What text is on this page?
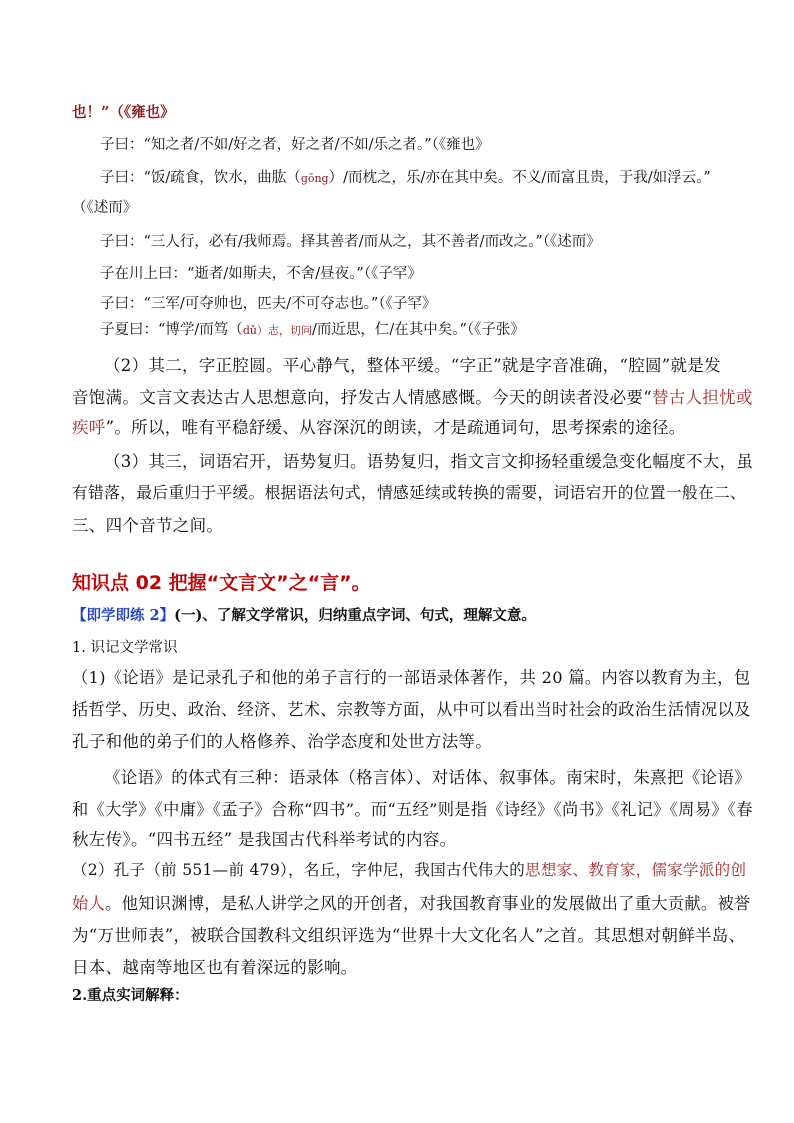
也！”（《雍也》
子曰：“知之者/不如/好之者，好之者/不如/乐之者。”（《雍也》
子曰：“饭/疏食，饮水，曲肱（gōng）/而枕之，乐/亦在其中矣。不义/而富且贵，于我/如浮云。”
（《述而》
子曰：“三人行，必有/我师焉。择其善者/而从之，其不善者/而改之。”（《述而》
子在川上曰：“逝者/如斯夫，不舍/昼夜。”（《子罕》
子曰：“三军/可夺帅也，匹夫/不可夺志也。”（《子罕》
子夏曰：“博学/而笃（dǔ）志，切问/而近思，仁/在其中矣。”（《子张》
（2）其二，字正腔圆。平心静气，整体平缓。“字正”就是字音准确，“腔圆”就是发
音饱满。文言文表达古人思想意向，抒发古人情感感慨。今天的朗读者没必要“替古人担忧或
疾呼”。所以，唯有平稳舒缓、从容深沉的朗读，才是疏通词句，思考探索的途径。
（3）其三，词语宕开，语势复归。语势复归，指文言文抑扬轻重缓急变化幅度不大，虽
有错落，最后重归于平缓。根据语法句式，情感延续或转换的需要，词语宕开的位置一般在二、
三、四个音节之间。
知识点 02 把握“文言文”之“言”。
【即学即练 2】(一)、了解文学常识，归纳重点字词、句式，理解文意。
1. 识记文学常识
（1)《论语》是记录孔子和他的弟子言行的一部语录体著作，共 20 篇。内容以教育为主，包
括哲学、历史、政治、经济、艺术、宗教等方面，从中可以看出当时社会的政治生活情况以及
孔子和他的弟子们的人格修养、治学态度和处世方法等。
《论语》的体式有三种：语录体（格言体）、对话体、叙事体。南宋时，朱熹把《论语》
和《大学》《中庸》《孟子》合称“四书”。而“五经”则是指《诗经》《尚书》《礼记》《周易》《春
秋左传》。“四书五经” 是我国古代科举考试的内容。
（2）孔子（前 551—前 479），名丘，字仲尼，我国古代伟大的思想家、教育家，儒家学派的创
始人。他知识渊博，是私人讲学之风的开创者，对我国教育事业的发展做出了重大贡献。被誉
为“万世师表”，被联合国教科文组织评选为“世界十大文化名人”之首。其思想对朝鲜半岛、
日本、越南等地区也有着深远的影响。
2.重点实词解释：
